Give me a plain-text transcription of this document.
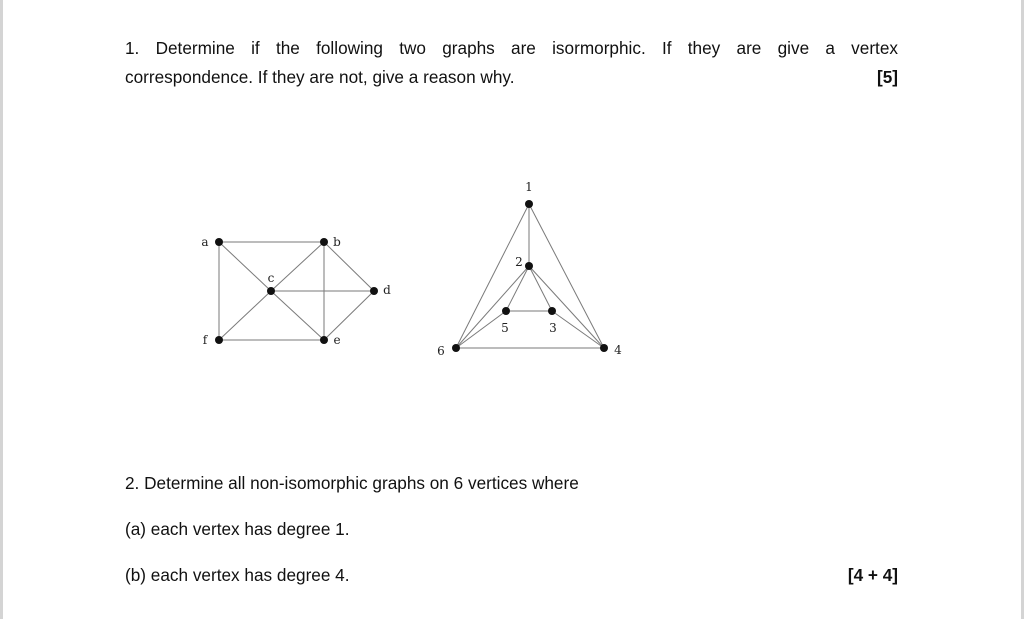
1. Determine if the following two graphs are isormorphic. If they are give a vertex

correspondence. If they are not, give a reason why.	[5]

2. Determine all non-isomorphic graphs on 6 vertices where

(a) each vertex has degree 1.

(b) each vertex has degree 4.	[4 + 4]
a	b
c
d
e
f
1
2
3
4
5
6
